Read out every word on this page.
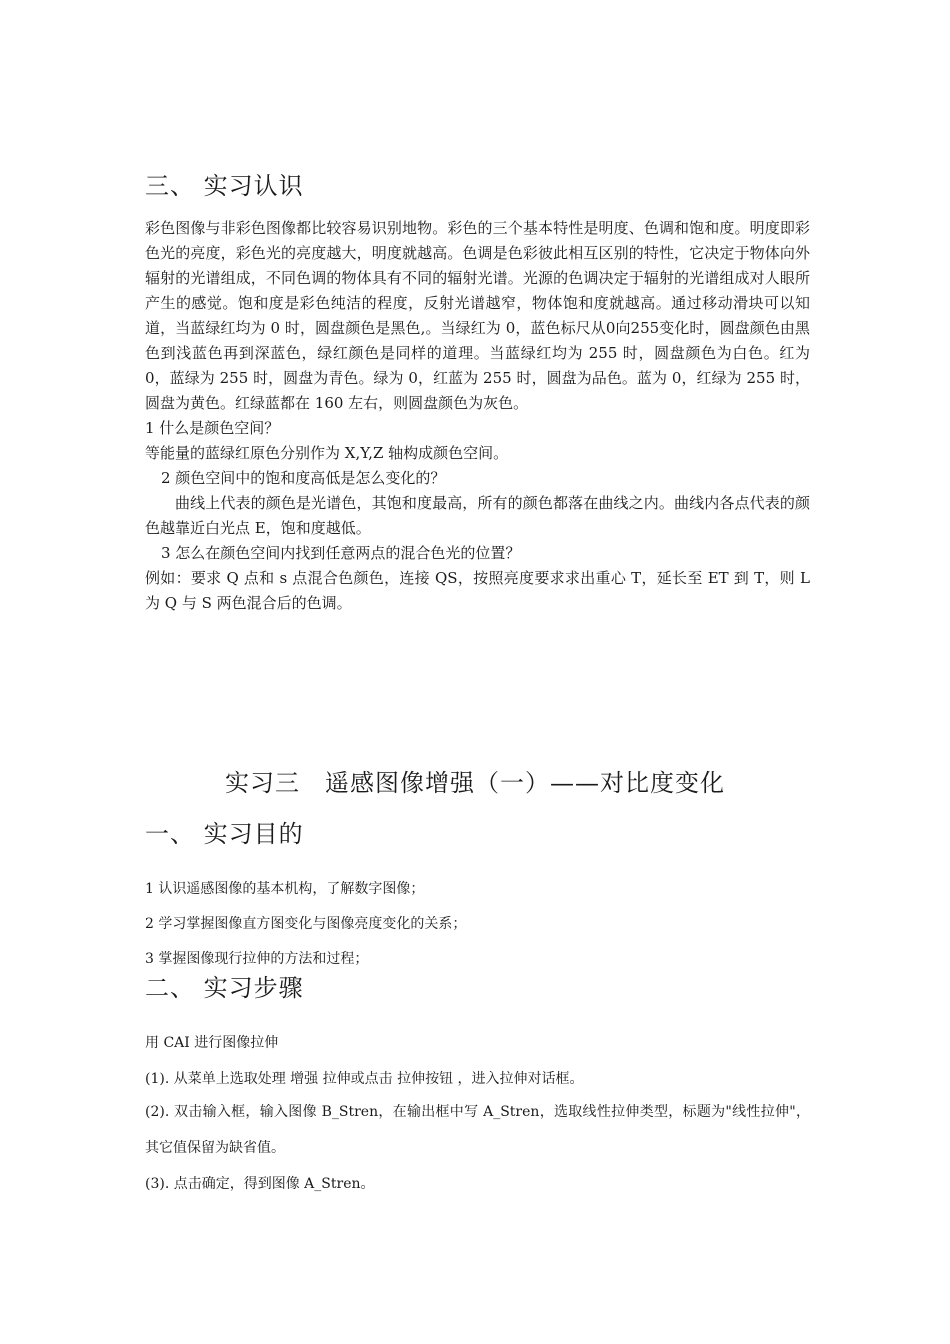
三、 实习认识

彩色图像与非彩色图像都比较容易识别地物。彩色的三个基本特性是明度、色调和饱和度。明度即彩色光的亮度，彩色光的亮度越大，明度就越高。色调是色彩彼此相互区别的特性，它决定于物体向外辐射的光谱组成，不同色调的物体具有不同的辐射光谱。光源的色调决定于辐射的光谱组成对人眼所产生的感觉。饱和度是彩色纯洁的程度，反射光谱越窄，物体饱和度就越高。通过移动滑块可以知道，当蓝绿红均为 0 时，圆盘颜色是黑色,。当绿红为 0，蓝色标尺从0向255变化时，圆盘颜色由黑色到浅蓝色再到深蓝色，绿红颜色是同样的道理。当蓝绿红均为 255 时，圆盘颜色为白色。红为 0，蓝绿为 255 时，圆盘为青色。绿为 0，红蓝为 255 时，圆盘为品色。蓝为 0，红绿为 255 时，圆盘为黄色。红绿蓝都在 160 左右，则圆盘颜色为灰色。

1 什么是颜色空间？

等能量的蓝绿红原色分别作为 X,Y,Z 轴构成颜色空间。

2 颜色空间中的饱和度高低是怎么变化的？

曲线上代表的颜色是光谱色，其饱和度最高，所有的颜色都落在曲线之内。曲线内各点代表的颜色越靠近白光点 E，饱和度越低。

3 怎么在颜色空间内找到任意两点的混合色光的位置？

例如：要求 Q 点和 s 点混合色颜色，连接 QS，按照亮度要求求出重心 T，延长至 ET 到 T，则 L 为 Q 与 S 两色混合后的色调。

实习三　遥感图像增强（一）——对比度变化
一、 实习目的
1 认识遥感图像的基本机构，了解数字图像；
2 学习掌握图像直方图变化与图像亮度变化的关系；
3 掌握图像现行拉伸的方法和过程；
二、 实习步骤
用 CAI 进行图像拉伸
(1). 从菜单上选取处理 增强 拉伸或点击 拉伸按钮 ，进入拉伸对话框。
(2). 双击输入框，输入图像 B_Stren，在输出框中写 A_Stren，选取线性拉伸类型，标题为"线性拉伸"，其它值保留为缺省值。
(3). 点击确定，得到图像 A_Stren。
